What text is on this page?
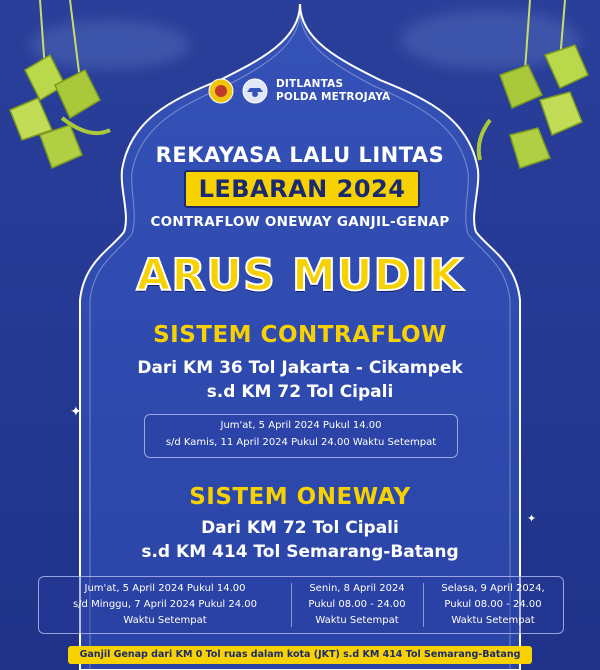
✦
✦
DITLANTAS
POLDA METROJAYA
REKAYASA LALU LINTAS
LEBARAN 2024
CONTRAFLOW ONEWAY GANJIL-GENAP
ARUS MUDIK
SISTEM CONTRAFLOW
Dari KM 36 Tol Jakarta - Cikampek
s.d KM 72 Tol Cipali
Jum'at, 5 April 2024 Pukul 14.00
s/d Kamis, 11 April 2024 Pukul 24.00 Waktu Setempat
SISTEM ONEWAY
Dari KM 72 Tol Cipali
s.d KM 414 Tol Semarang-Batang
Jum'at, 5 April 2024 Pukul 14.00
s/d Minggu, 7 April 2024 Pukul 24.00
Waktu Setempat
Senin, 8 April 2024
Pukul 08.00 - 24.00
Waktu Setempat
Selasa, 9 April 2024,
Pukul 08.00 - 24.00
Waktu Setempat
Ganjil Genap dari KM 0 Tol ruas dalam kota (JKT) s.d KM 414 Tol Semarang-Batang
